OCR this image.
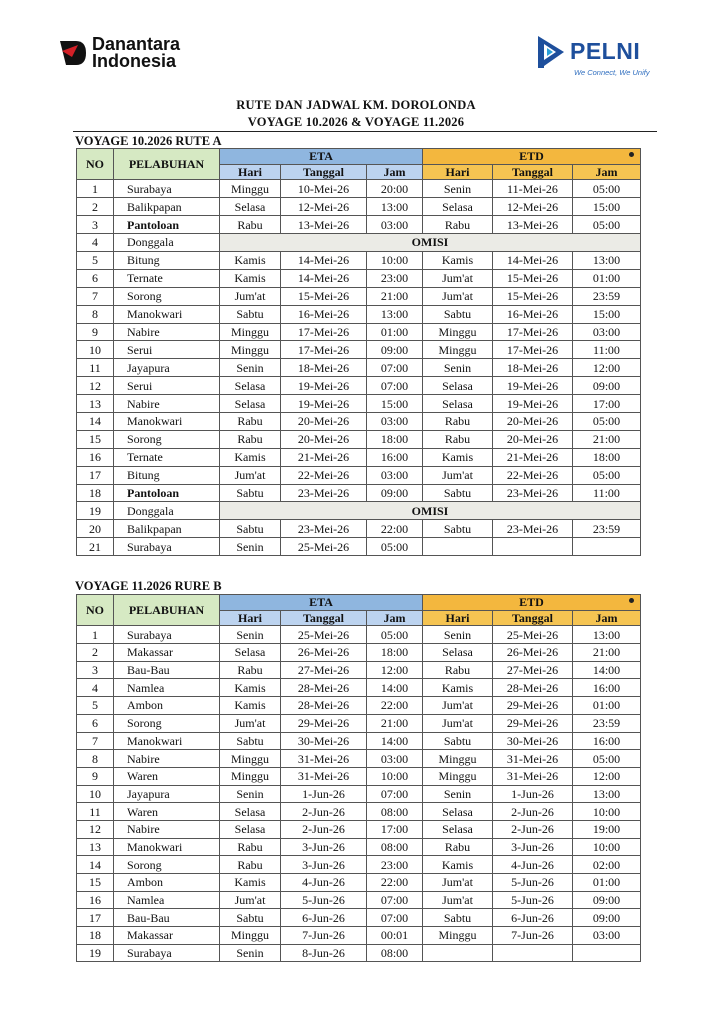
Danantara
Indonesia	PELNI
We Connect, We Unify
RUTE DAN JADWAL KM. DOROLONDA
VOYAGE 10.2026 & VOYAGE 11.2026
VOYAGE 10.2026 RUTE A
NO	PELABUHAN	ETA			ETD		

		Hari	Tanggal	Jam	Hari	Tanggal	Jam
1	Surabaya	Minggu	10-Mei-26	20:00	Senin	11-Mei-26	05:00
2	Balikpapan	Selasa	12-Mei-26	13:00	Selasa	12-Mei-26	15:00
3	Pantoloan	Rabu	13-Mei-26	03:00	Rabu	13-Mei-26	05:00
4	Donggala	OMISI					
5	Bitung	Kamis	14-Mei-26	10:00	Kamis	14-Mei-26	13:00
6	Ternate	Kamis	14-Mei-26	23:00	Jum'at	15-Mei-26	01:00
7	Sorong	Jum'at	15-Mei-26	21:00	Jum'at	15-Mei-26	23:59
8	Manokwari	Sabtu	16-Mei-26	13:00	Sabtu	16-Mei-26	15:00
9	Nabire	Minggu	17-Mei-26	01:00	Minggu	17-Mei-26	03:00
10	Serui	Minggu	17-Mei-26	09:00	Minggu	17-Mei-26	11:00
11	Jayapura	Senin	18-Mei-26	07:00	Senin	18-Mei-26	12:00
12	Serui	Selasa	19-Mei-26	07:00	Selasa	19-Mei-26	09:00
13	Nabire	Selasa	19-Mei-26	15:00	Selasa	19-Mei-26	17:00
14	Manokwari	Rabu	20-Mei-26	03:00	Rabu	20-Mei-26	05:00
15	Sorong	Rabu	20-Mei-26	18:00	Rabu	20-Mei-26	21:00
16	Ternate	Kamis	21-Mei-26	16:00	Kamis	21-Mei-26	18:00
17	Bitung	Jum'at	22-Mei-26	03:00	Jum'at	22-Mei-26	05:00
18	Pantoloan	Sabtu	23-Mei-26	09:00	Sabtu	23-Mei-26	11:00
19	Donggala	OMISI					
20	Balikpapan	Sabtu	23-Mei-26	22:00	Sabtu	23-Mei-26	23:59
21	Surabaya	Senin	25-Mei-26	05:00			
VOYAGE 11.2026 RURE B
NO	PELABUHAN	ETA			ETD		

		Hari	Tanggal	Jam	Hari	Tanggal	Jam
1	Surabaya	Senin	25-Mei-26	05:00	Senin	25-Mei-26	13:00
2	Makassar	Selasa	26-Mei-26	18:00	Selasa	26-Mei-26	21:00
3	Bau-Bau	Rabu	27-Mei-26	12:00	Rabu	27-Mei-26	14:00
4	Namlea	Kamis	28-Mei-26	14:00	Kamis	28-Mei-26	16:00
5	Ambon	Kamis	28-Mei-26	22:00	Jum'at	29-Mei-26	01:00
6	Sorong	Jum'at	29-Mei-26	21:00	Jum'at	29-Mei-26	23:59
7	Manokwari	Sabtu	30-Mei-26	14:00	Sabtu	30-Mei-26	16:00
8	Nabire	Minggu	31-Mei-26	03:00	Minggu	31-Mei-26	05:00
9	Waren	Minggu	31-Mei-26	10:00	Minggu	31-Mei-26	12:00
10	Jayapura	Senin	1-Jun-26	07:00	Senin	1-Jun-26	13:00
11	Waren	Selasa	2-Jun-26	08:00	Selasa	2-Jun-26	10:00
12	Nabire	Selasa	2-Jun-26	17:00	Selasa	2-Jun-26	19:00
13	Manokwari	Rabu	3-Jun-26	08:00	Rabu	3-Jun-26	10:00
14	Sorong	Rabu	3-Jun-26	23:00	Kamis	4-Jun-26	02:00
15	Ambon	Kamis	4-Jun-26	22:00	Jum'at	5-Jun-26	01:00
16	Namlea	Jum'at	5-Jun-26	07:00	Jum'at	5-Jun-26	09:00
17	Bau-Bau	Sabtu	6-Jun-26	07:00	Sabtu	6-Jun-26	09:00
18	Makassar	Minggu	7-Jun-26	00:01	Minggu	7-Jun-26	03:00
19	Surabaya	Senin	8-Jun-26	08:00			
